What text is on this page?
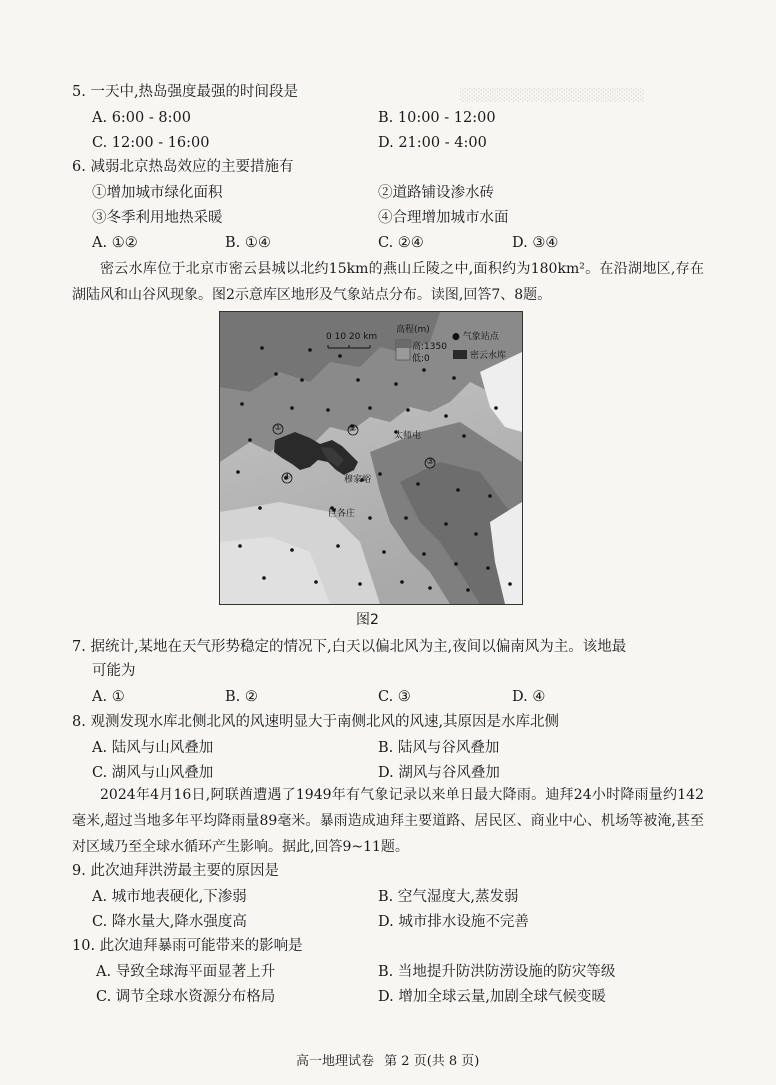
░░░░░░░░░░░░░░░░░░░░
5. 一天中,热岛强度最强的时间段是
A. 6:00 - 8:00	B. 10:00 - 12:00
C. 12:00 - 16:00	D. 21:00 - 4:00
6. 减弱北京热岛效应的主要措施有
①增加城市绿化面积	②道路铺设渗水砖
③冬季利用地热采暖	④合理增加城市水面
A. ①②	B. ①④	C. ②④	D. ③④
密云水库位于北京市密云县城以北约15km的燕山丘陵之中,面积约为180km²。在沿湖地区,存在湖陆风和山谷风现象。图2示意库区地形及气象站点分布。读图,回答7、8题。
0 10 20 km
高程(m)
高:1350
低:0
● 气象站点
密云水库
太师屯
穆家峪
巨各庄
①	②
③
④
图2
7. 据统计,某地在天气形势稳定的情况下,白天以偏北风为主,夜间以偏南风为主。该地最
可能为
A. ①	B. ②	C. ③	D. ④
8. 观测发现水库北侧北风的风速明显大于南侧北风的风速,其原因是水库北侧
A. 陆风与山风叠加	B. 陆风与谷风叠加
C. 湖风与山风叠加	D. 湖风与谷风叠加
2024年4月16日,阿联酋遭遇了1949年有气象记录以来单日最大降雨。迪拜24小时降雨量约142毫米,超过当地多年平均降雨量89毫米。暴雨造成迪拜主要道路、居民区、商业中心、机场等被淹,甚至对区域乃至全球水循环产生影响。据此,回答9~11题。
9. 此次迪拜洪涝最主要的原因是
A. 城市地表硬化,下渗弱	B. 空气湿度大,蒸发弱
C. 降水量大,降水强度高	D. 城市排水设施不完善
10. 此次迪拜暴雨可能带来的影响是
A. 导致全球海平面显著上升	B. 当地提升防洪防涝设施的防灾等级
C. 调节全球水资源分布格局	D. 增加全球云量,加剧全球气候变暖
高一地理试卷 第 2 页(共 8 页)
